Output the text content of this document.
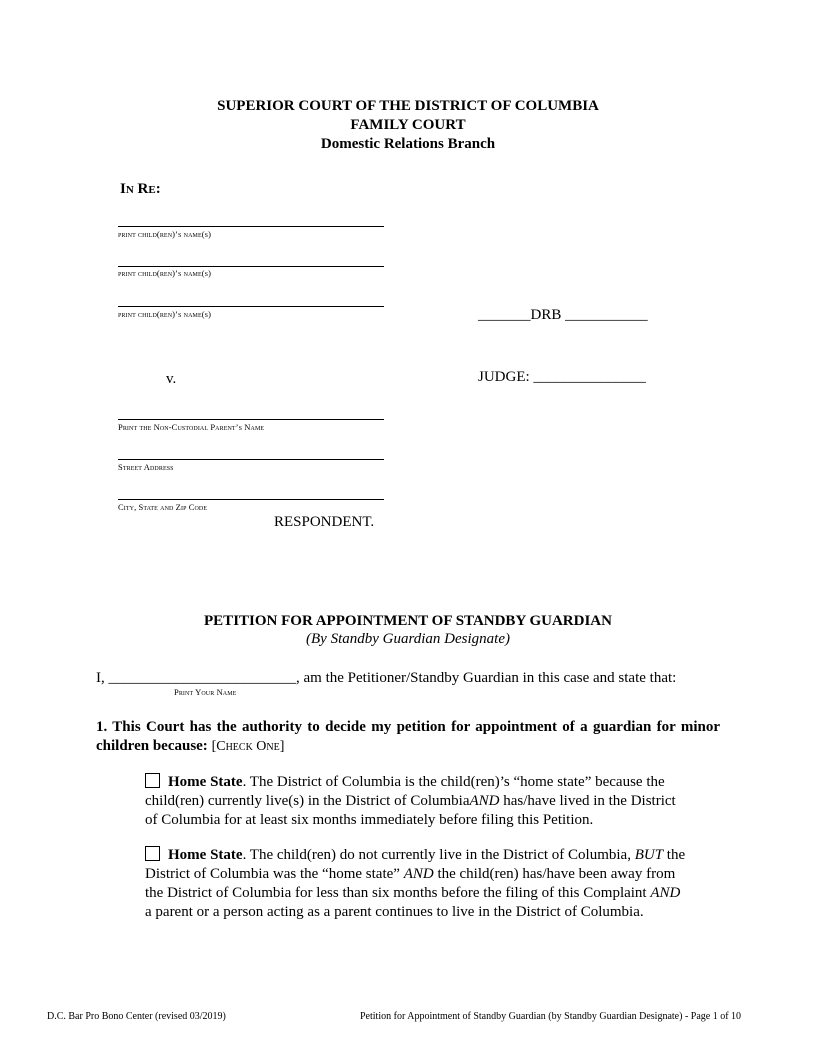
SUPERIOR COURT OF THE DISTRICT OF COLUMBIA
FAMILY COURT
Domestic Relations Branch
In Re:
print child(ren)’s name(s)
print child(ren)’s name(s)
print child(ren)’s name(s)	_______DRB ___________
v.	JUDGE: _______________
Print the Non-Custodial Parent’s Name
Street Address
City, State and Zip Code
RESPONDENT.
PETITION FOR APPOINTMENT OF STANDBY GUARDIAN
(By Standby Guardian Designate)
I, _________________________, am the Petitioner/Standby Guardian in this case and state that:
Print Your Name
1. This Court has the authority to decide my petition for appointment of a guardian for minor children because: [Check One]
Home State. The District of Columbia is the child(ren)’s “home state” because the
child(ren) currently live(s) in the District of ColumbiaAND has/have lived in the District
of Columbia for at least six months immediately before filing this Petition.
Home State. The child(ren) do not currently live in the District of Columbia, BUT the
District of Columbia was the “home state” AND the child(ren) has/have been away from
the District of Columbia for less than six months before the filing of this Complaint AND
a parent or a person acting as a parent continues to live in the District of Columbia.
D.C. Bar Pro Bono Center (revised 03/2019)	Petition for Appointment of Standby Guardian (by Standby Guardian Designate) - Page 1 of 10
